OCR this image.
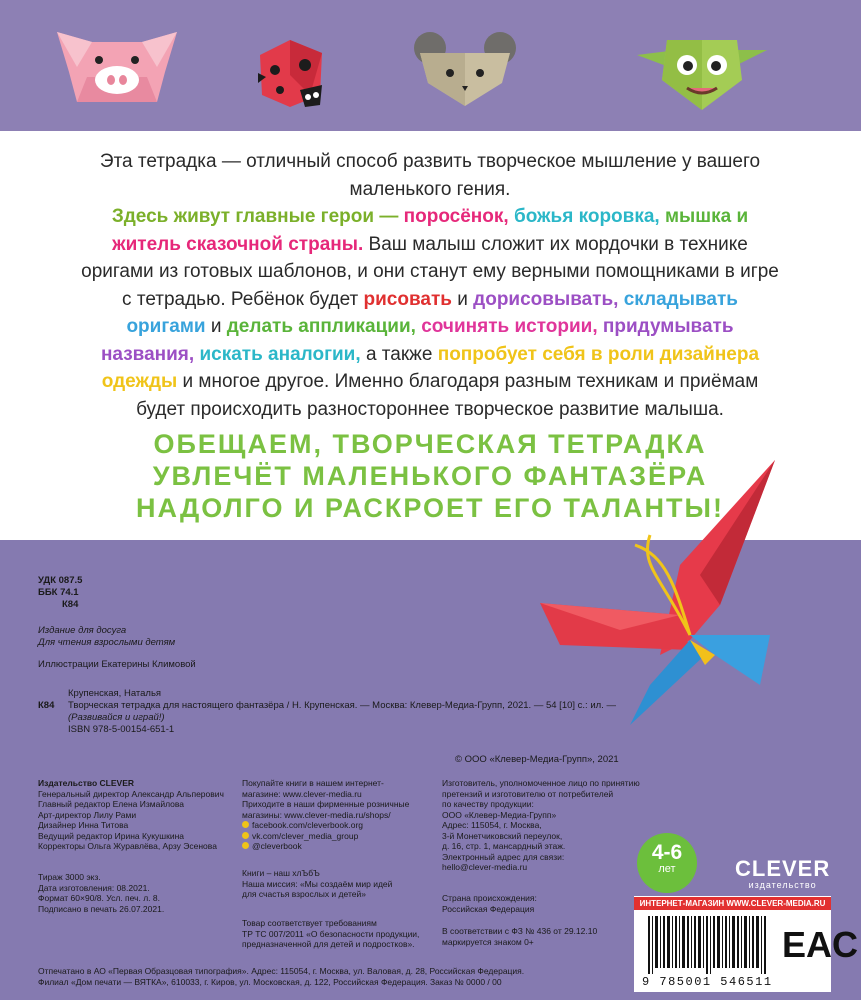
Эта тетрадка — отличный способ развить творческое мышление у вашего маленького гения.
Здесь живут главные герои — поросёнок, божья коровка, мышка и житель сказочной страны. Ваш малыш сложит их мордочки в технике оригами из готовых шаблонов, и они станут ему верными помощниками в игре с тетрадью. Ребёнок будет рисовать и дорисовывать, складывать оригами и делать аппликации, сочинять истории, придумывать названия, искать аналогии, а также попробует себя в роли дизайнера одежды и многое другое. Именно благодаря разным техникам и приёмам будет происходить разностороннее творческое развитие малыша.
ОБЕЩАЕМ, ТВОРЧЕСКАЯ ТЕТРАДКА УВЛЕЧЁТ МАЛЕНЬКОГО ФАНТАЗЁРА НАДОЛГО И РАСКРОЕТ ЕГО ТАЛАНТЫ!
УДК 087.5
ББК 74.1
К84
Издание для досуга
Для чтения взрослыми детям
Иллюстрации Екатерины Климовой
К84
Крупенская, Наталья
Творческая тетрадка для настоящего фантазёра / Н. Крупенская. — Москва: Клевер-Медиа-Групп, 2021. — 54 [10] с.: ил. —
(Развивайся и играй!)
ISBN 978-5-00154-651-1
© ООО «Клевер-Медиа-Групп», 2021
Издательство CLEVER
Генеральный директор Александр Альперович
Главный редактор Елена Измайлова
Арт-директор Лилу Рами
Дизайнер Инна Титова
Ведущий редактор Ирина Кукушкина
Корректоры Ольга Журавлёва, Арзу Эсенова
Тираж 3000 экз.
Дата изготовления: 08.2021.
Формат 60×90/8. Усл. печ. л. 8.
Подписано в печать 26.07.2021.
Покупайте книги в нашем интернет-
магазине: www.clever-media.ru
Приходите в наши фирменные розничные
магазины: www.clever-media.ru/shops/
facebook.com/cleverbook.org
vk.com/clever_media_group
@cleverbook
Книги – наш хлЪбЪ
Наша миссия: «Мы создаём мир идей
для счастья взрослых и детей»
Товар соответствует требованиям
ТР ТС 007/2011 «О безопасности продукции,
предназначенной для детей и подростков».
Изготовитель, уполномоченное лицо по принятию
претензий и изготовителю от потребителей
по качеству продукции:
ООО «Клевер-Медиа-Групп»
Адрес: 115054, г. Москва,
3-й Монетчиковский переулок,
д. 16, стр. 1, мансардный этаж.
Электронный адрес для связи:
hello@clever-media.ru
Страна происхождения:
Российская Федерация
В соответствии с ФЗ № 436 от 29.12.10
маркируется знаком 0+
4-6
лет	CLEVER
издательство
ИНТЕРНЕТ-МАГАЗИН WWW.CLEVER-MEDIA.RU
9 785001 546511
EAC
Отпечатано в АО «Первая Образцовая типография». Адрес: 115054, г. Москва, ул. Валовая, д. 28, Российская Федерация.
Филиал «Дом печати — ВЯТКА», 610033, г. Киров, ул. Московская, д. 122, Российская Федерация. Заказ № 0000 / 00
